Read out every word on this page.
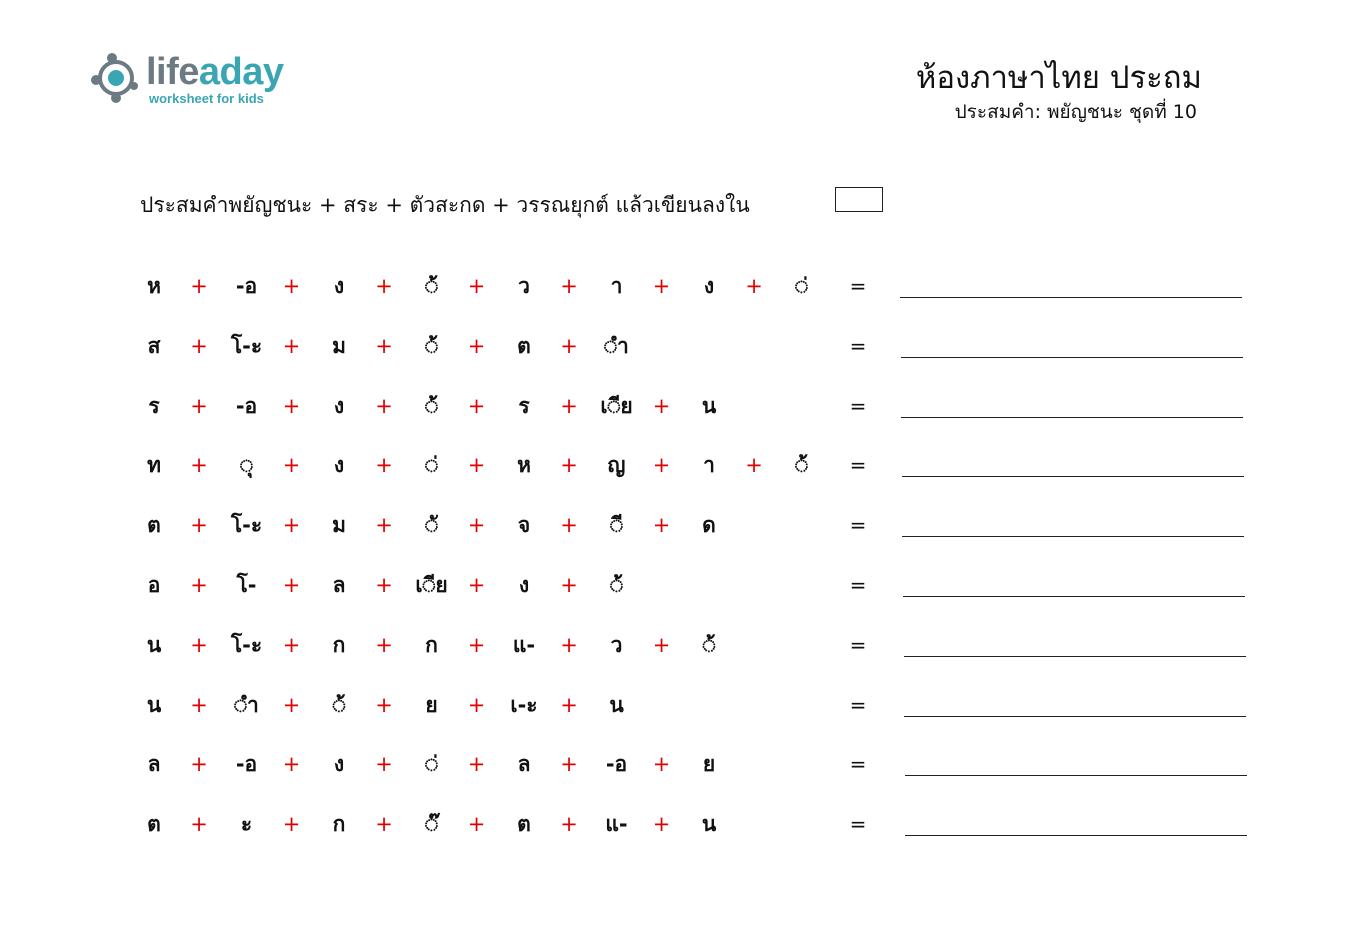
lifeaday
worksheet for kids
ห้องภาษาไทย ประถม
ประสมคำ: พยัญชนะ ชุดที่ 10
ประสมคำพยัญชนะ + สระ + ตัวสะกด + วรรณยุกต์ แล้วเขียนลงใน
ห	+	-อ	+	ง	+	◌้	+	ว	+	า	+	ง	+	◌่	=
ส	+	โ-ะ +	ม	+	◌้	+	ต	+	◌ำ	=
ร	+	-อ	+	ง	+	◌้	+	ร	+	เ◌ีย +	น	=
ท	+	◌ุ	+	ง	+	◌่	+	ห	+	ญ	+	า	+	◌้	=
ต	+	โ-ะ +	ม	+	◌ั	+	จ	+	◌ี	+	ด	=
อ	+	โ-	+	ล	+	เ◌ีย +	ง	+	◌้	=
น	+	โ-ะ +	ก	+	ก	+	แ-	+	ว	+	◌้	=
น	+	◌ำ	+	◌้	+	ย	+	เ-ะ	+	น	=
ล	+	-อ	+	ง	+	◌่	+	ล	+	-อ	+	ย	=
ต	+	ะ	+	ก	+	◌๊	+	ต	+	แ-	+	น	=
